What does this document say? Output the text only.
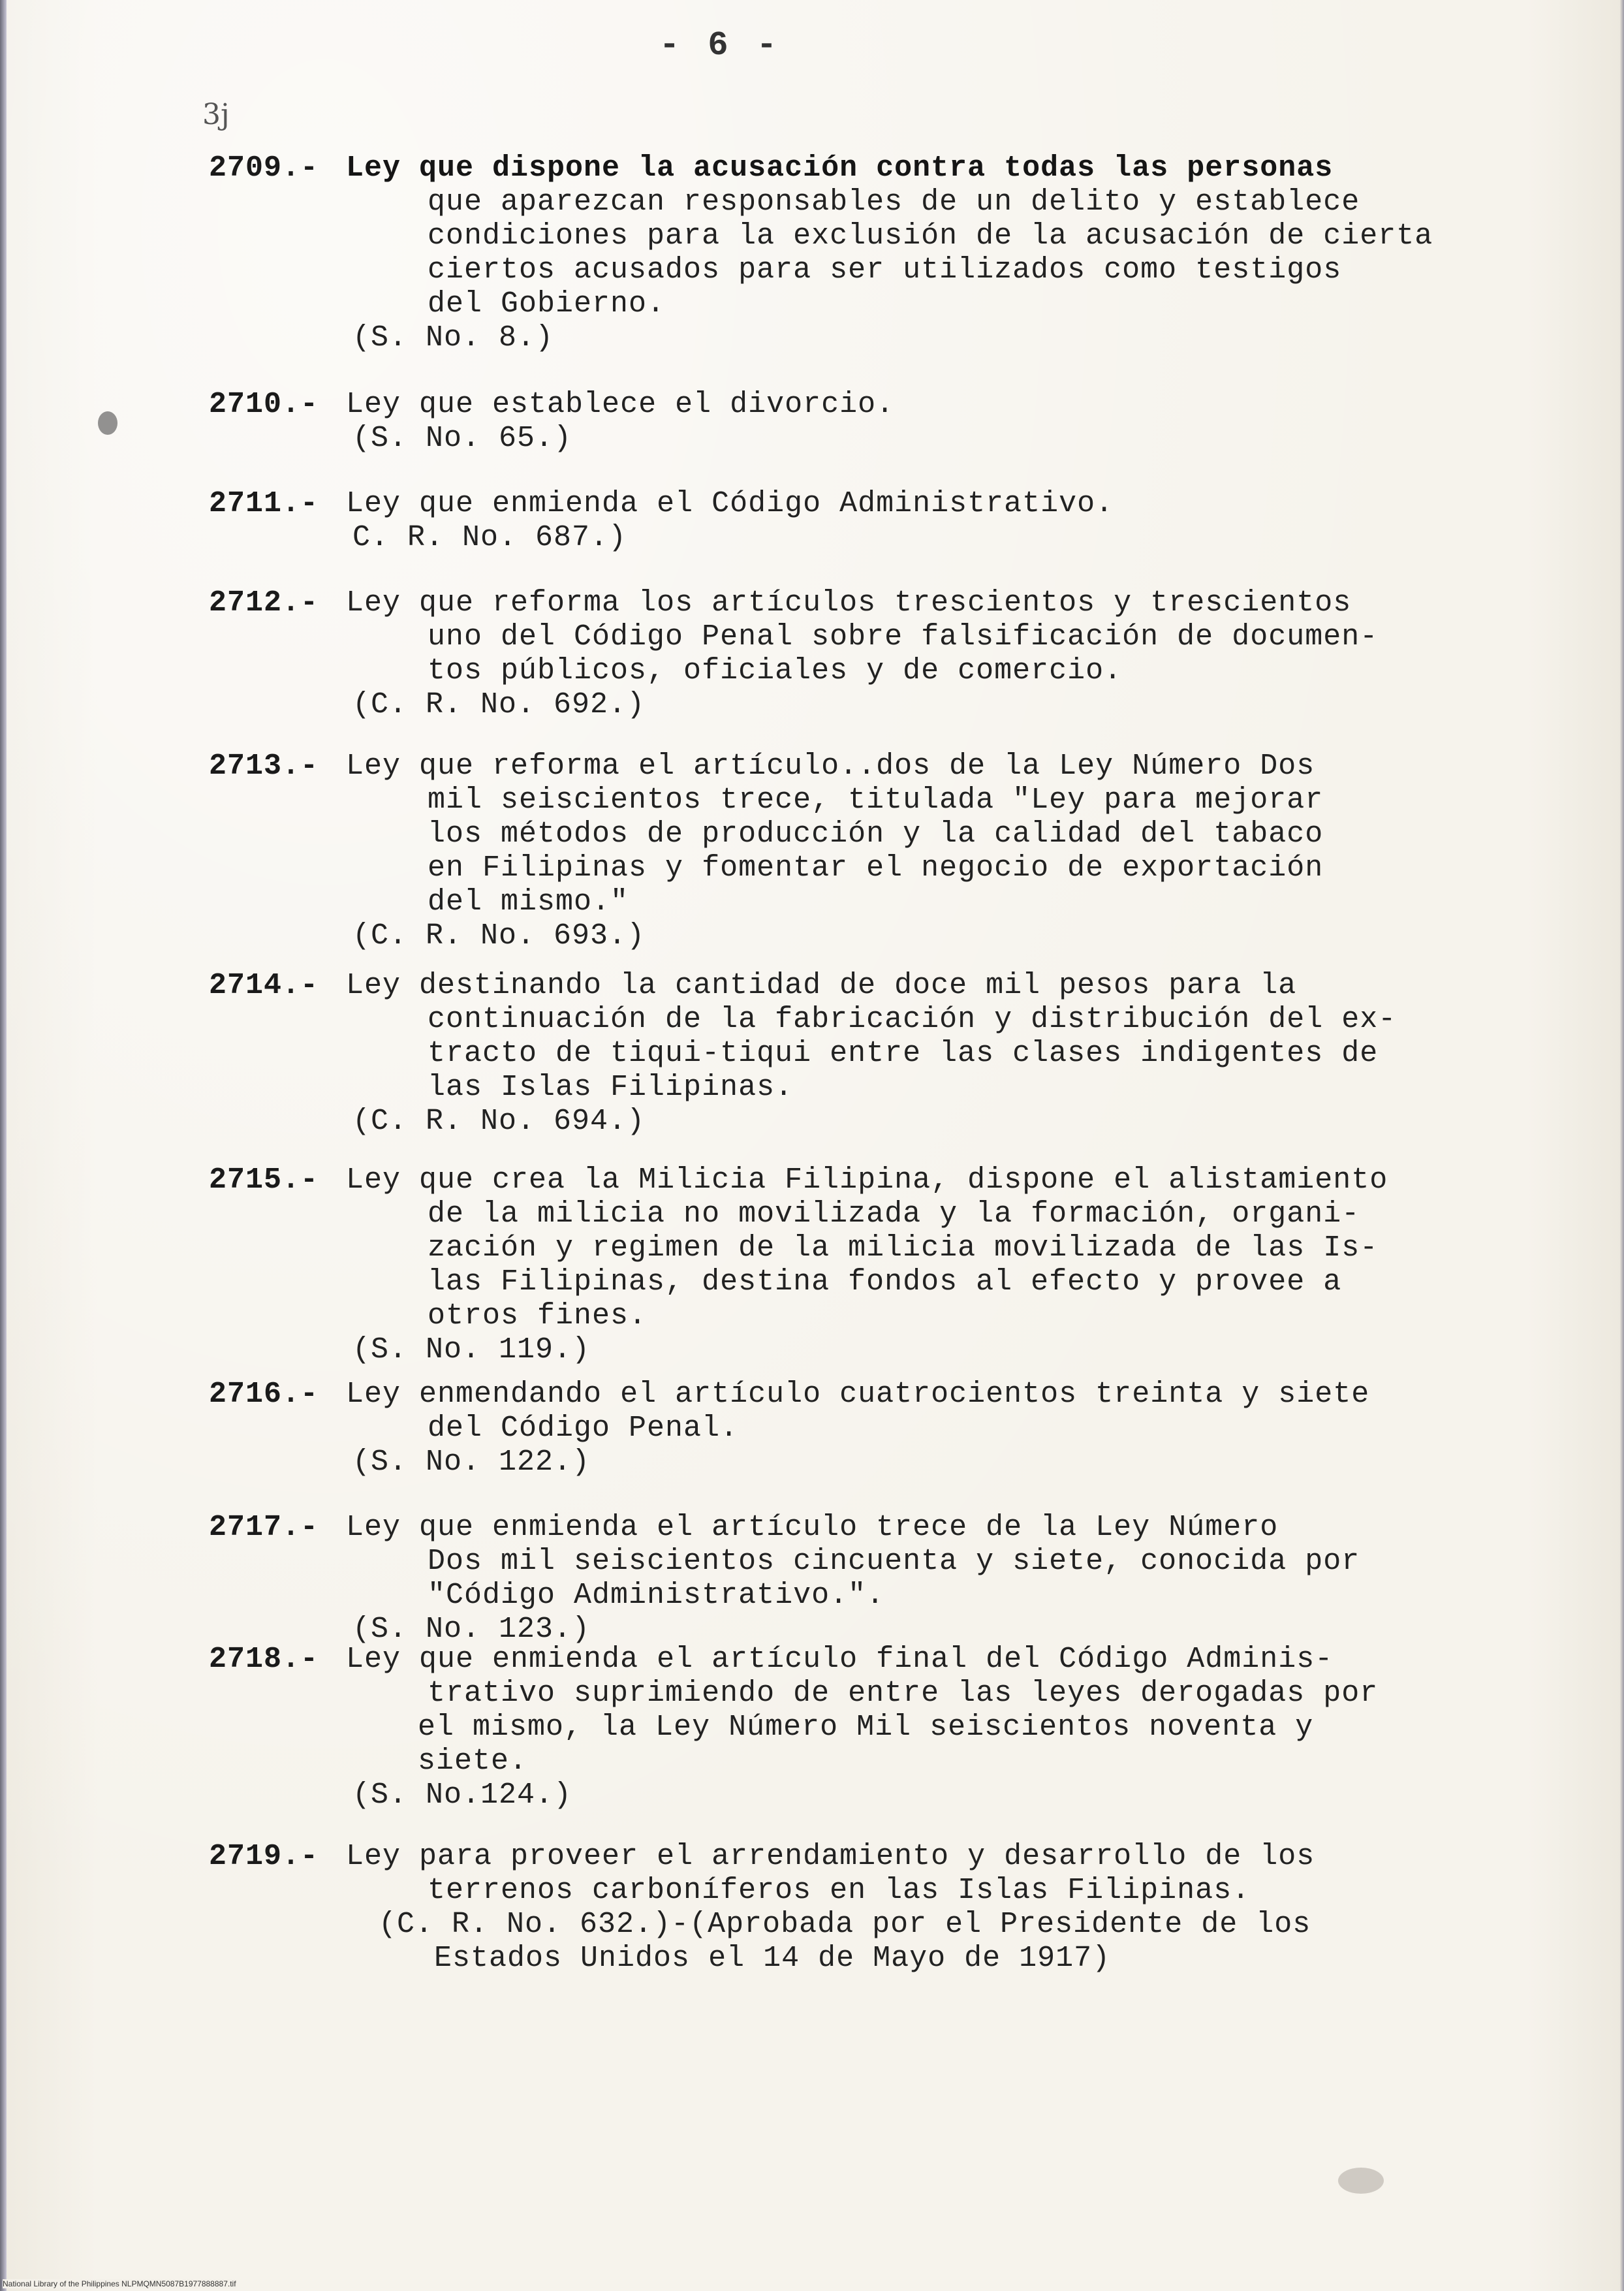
- 6 -
3j
2709.- Ley que dispone la acusación contra todas las personas
que aparezcan responsables de un delito y establece
condiciones para la exclusión de la acusación de cierta
ciertos acusados para ser utilizados como testigos
del Gobierno.
(S. No. 8.)
2710.- Ley que establece el divorcio.
(S. No. 65.)
2711.- Ley que enmienda el Código Administrativo.
C. R. No. 687.)
2712.- Ley que reforma los artículos trescientos y trescientos
uno del Código Penal sobre falsificación de documen-
tos públicos, oficiales y de comercio.
(C. R. No. 692.)
2713.- Ley que reforma el artículo..dos de la Ley Número Dos
mil seiscientos trece, titulada "Ley para mejorar
los métodos de producción y la calidad del tabaco
en Filipinas y fomentar el negocio de exportación
del mismo."
(C. R. No. 693.)
2714.- Ley destinando la cantidad de doce mil pesos para la
continuación de la fabricación y distribución del ex-
tracto de tiqui-tiqui entre las clases indigentes de
las Islas Filipinas.
(C. R. No. 694.)
2715.- Ley que crea la Milicia Filipina, dispone el alistamiento
de la milicia no movilizada y la formación, organi-
zación y regimen de la milicia movilizada de las Is-
las Filipinas, destina fondos al efecto y provee a
otros fines.
(S. No. 119.)
2716.- Ley enmendando el artículo cuatrocientos treinta y siete
del Código Penal.
(S. No. 122.)
2717.- Ley que enmienda el artículo trece de la Ley Número
Dos mil seiscientos cincuenta y siete, conocida por
"Código Administrativo.".
(S. No. 123.)
2718.- Ley que enmienda el artículo final del Código Adminis-
trativo suprimiendo de entre las leyes derogadas por
el mismo, la Ley Número Mil seiscientos noventa y
siete.
(S. No.124.)
2719.- Ley para proveer el arrendamiento y desarrollo de los
terrenos carboníferos en las Islas Filipinas.
(C. R. No. 632.)-(Aprobada por el Presidente de los
Estados Unidos el 14 de Mayo de 1917)
National Library of the Philippines NLPMQMN5087B1977888887.tif
